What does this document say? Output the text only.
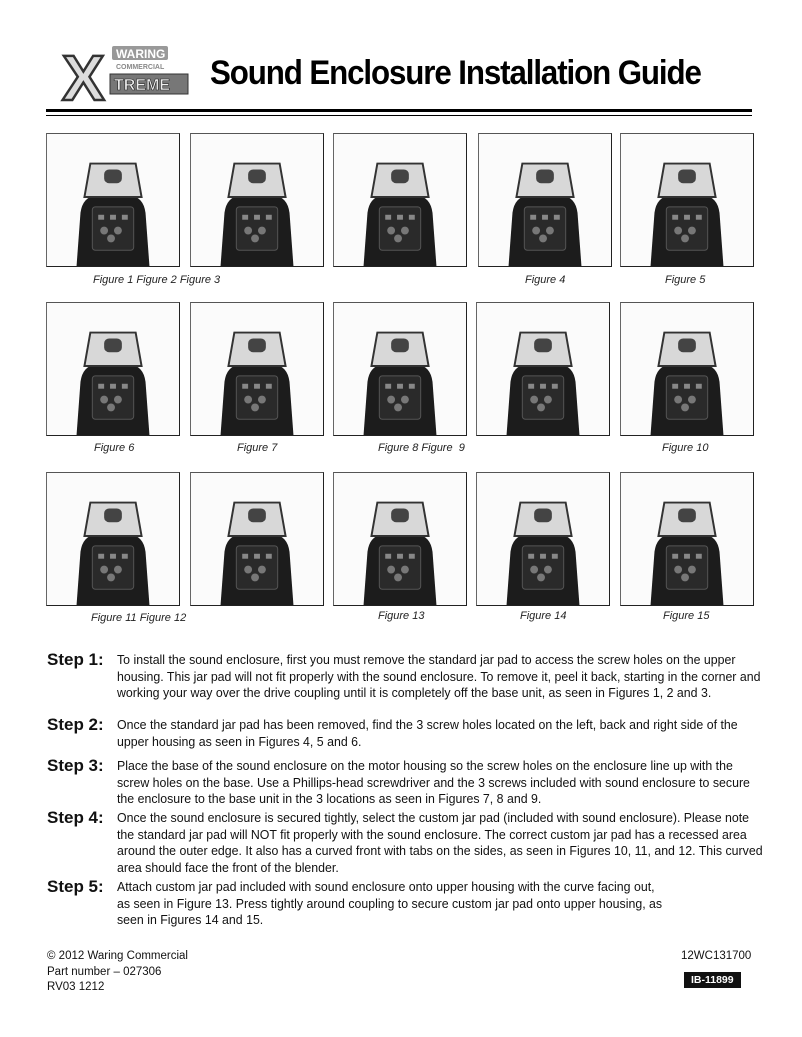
X WARING
COMMERCIAL
TREME Sound Enclosure Installation Guide
Figure 1 Figure 2 Figure 3	Figure 4	Figure 5
Figure 6	Figure 7	Figure 8 Figure  9	Figure 10
Figure 11 Figure 12	Figure 13	Figure 14	Figure 15
Step 1: To install the sound enclosure, first you must remove the standard jar pad to access the screw holes on the upper housing. This jar pad will not fit properly with the sound enclosure. To remove it, peel it back, starting in the corner and working your way over the drive coupling until it is completely off the base unit, as seen in Figures 1, 2 and 3.
Step 2: Once the standard jar pad has been removed, find the 3 screw holes located on the left, back and right side of the upper housing as seen in Figures 4, 5 and 6.
Step 3: Place the base of the sound enclosure on the motor housing so the screw holes on the enclosure line up with the screw holes on the base. Use a Phillips-head screwdriver and the 3 screws included with sound enclosure to secure the enclosure to the base unit in the 3 locations as seen in Figures 7, 8 and 9.
Step 4: Once the sound enclosure is secured tightly, select the custom jar pad (included with sound enclosure). Please note the standard jar pad will NOT fit properly with the sound enclosure. The correct custom jar pad has a recessed area around the outer edge. It also has a curved front with tabs on the sides, as seen in Figures 10, 11, and 12. This curved area should face the front of the blender.
Step 5: Attach custom jar pad included with sound enclosure onto upper housing with the curve facing out, as seen in Figure 13. Press tightly around coupling to secure custom jar pad onto upper housing, as seen in Figures 14 and 15.
© 2012 Waring Commercial
Part number – 027306
RV03 1212
12WC131700
IB-11899
